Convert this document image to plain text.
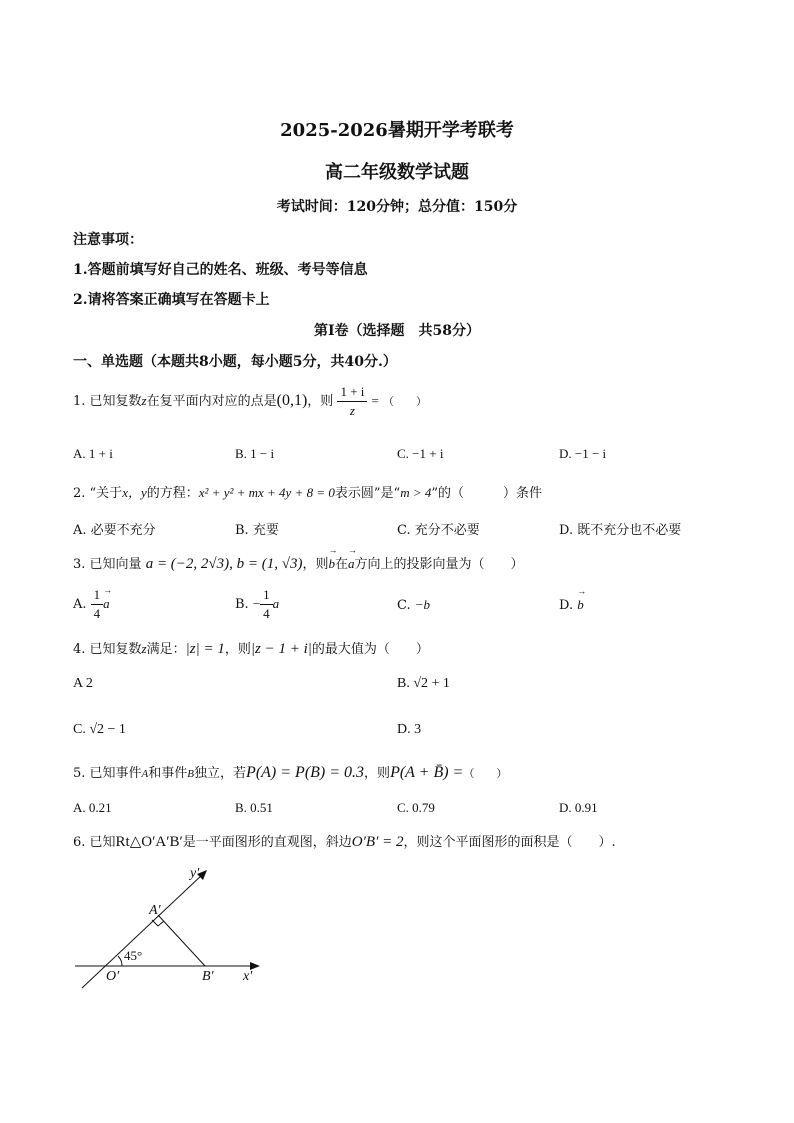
2025-2026暑期开学考联考
高二年级数学试题
考试时间：120分钟；总分值：150分
注意事项：
1.答题前填写好自己的姓名、班级、考号等信息
2.请将答案正确填写在答题卡上
第Ⅰ卷（选择题　共58分）
一、单选题（本题共8小题，每小题5分，共40分.）
1. 已知复数z在复平面内对应的点是(0,1)，则 $\frac{1 + i}{z}$ = （　　）
A. 1 + i	B. 1 − i	C. −1 + i	D. −1 − i
2. “关于x，y的方程：x² + y² + mx + 4y + 8 = 0表示圆”是“m > 4”的（　　　）条件
A. 必要不充分	B. 充要	C. 充分不必要	D. 既不充分也不必要
3. 已知向量 a = (−2, 2√3), b = (1, √3)，则→ b在→ a方向上的投影向量为（　　）
A. $\frac{1}{4} \to a$	B. − $\frac{1}{4}$ a	C. −b	D. → b
4. 已知复数z满足：|z| = 1，则|z − 1 + i|的最大值为（　　）
A 2	B. √2 + 1
C. √2 − 1	D. 3
5. 已知事件A和事件B独立，若P(A) = P(B) = 0.3，则P(A + B̄) =（　　）
A. 0.21	B. 0.51	C. 0.79	D. 0.91
6. 已知Rt△O′A′B′是一平面图形的直观图，斜边O′B′ = 2，则这个平面图形的面积是（　　）.
y′
A′
45°
O′	B′ x′
